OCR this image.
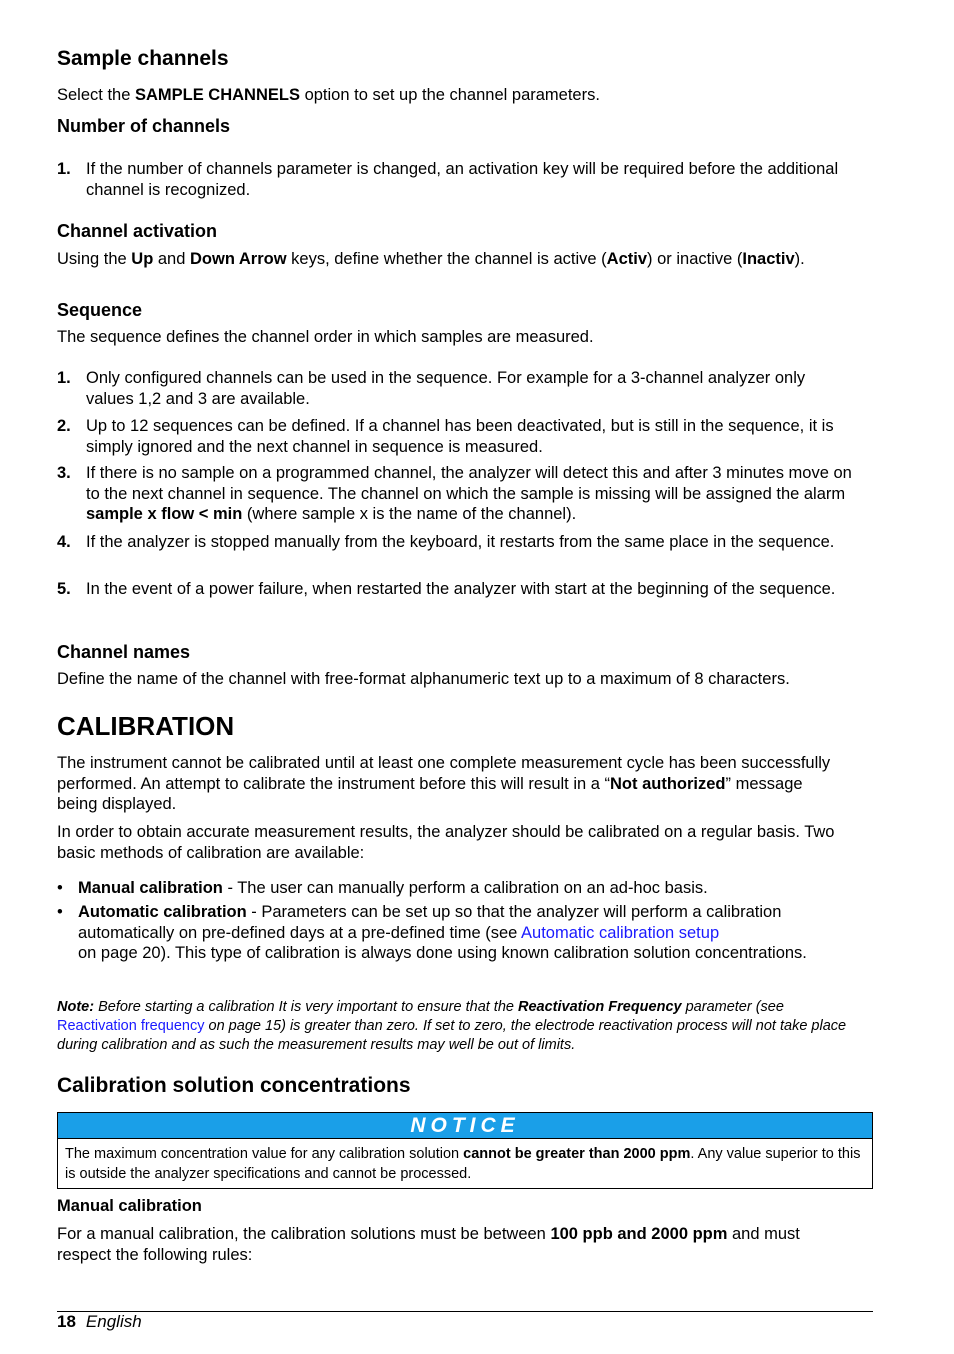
Sample channels
Select the SAMPLE CHANNELS option to set up the channel parameters.
Number of channels
1. If the number of channels parameter is changed, an activation key will be required before the additional channel is recognized.
Channel activation
Using the Up and Down Arrow keys, define whether the channel is active (Activ) or inactive (Inactiv).
Sequence
The sequence defines the channel order in which samples are measured.
1. Only configured channels can be used in the sequence. For example for a 3-channel analyzer only values 1,2 and 3 are available.
2. Up to 12 sequences can be defined. If a channel has been deactivated, but is still in the sequence, it is simply ignored and the next channel in sequence is measured.
3. If there is no sample on a programmed channel, the analyzer will detect this and after 3 minutes move on to the next channel in sequence. The channel on which the sample is missing will be assigned the alarm sample x flow < min (where sample x is the name of the channel).
4. If the analyzer is stopped manually from the keyboard, it restarts from the same place in the sequence.
5. In the event of a power failure, when restarted the analyzer with start at the beginning of the sequence.
Channel names
Define the name of the channel with free-format alphanumeric text up to a maximum of 8 characters.
CALIBRATION
The instrument cannot be calibrated until at least one complete measurement cycle has been successfully performed. An attempt to calibrate the instrument before this will result in a “Not authorized” message being displayed.
In order to obtain accurate measurement results, the analyzer should be calibrated on a regular basis. Two basic methods of calibration are available:
• Manual calibration - The user can manually perform a calibration on an ad-hoc basis.
• Automatic calibration - Parameters can be set up so that the analyzer will perform a calibration automatically on pre-defined days at a pre-defined time (see Automatic calibration setup
on page 20). This type of calibration is always done using known calibration solution concentrations.
Note: Before starting a calibration It is very important to ensure that the Reactivation Frequency parameter (see Reactivation frequency on page 15) is greater than zero. If set to zero, the electrode reactivation process will not take place during calibration and as such the measurement results may well be out of limits.
Calibration solution concentrations
NOTICE
The maximum concentration value for any calibration solution cannot be greater than 2000 ppm. Any value superior to this is outside the analyzer specifications and cannot be processed.
Manual calibration
For a manual calibration, the calibration solutions must be between 100 ppb and 2000 ppm and must respect the following rules:
18 English
